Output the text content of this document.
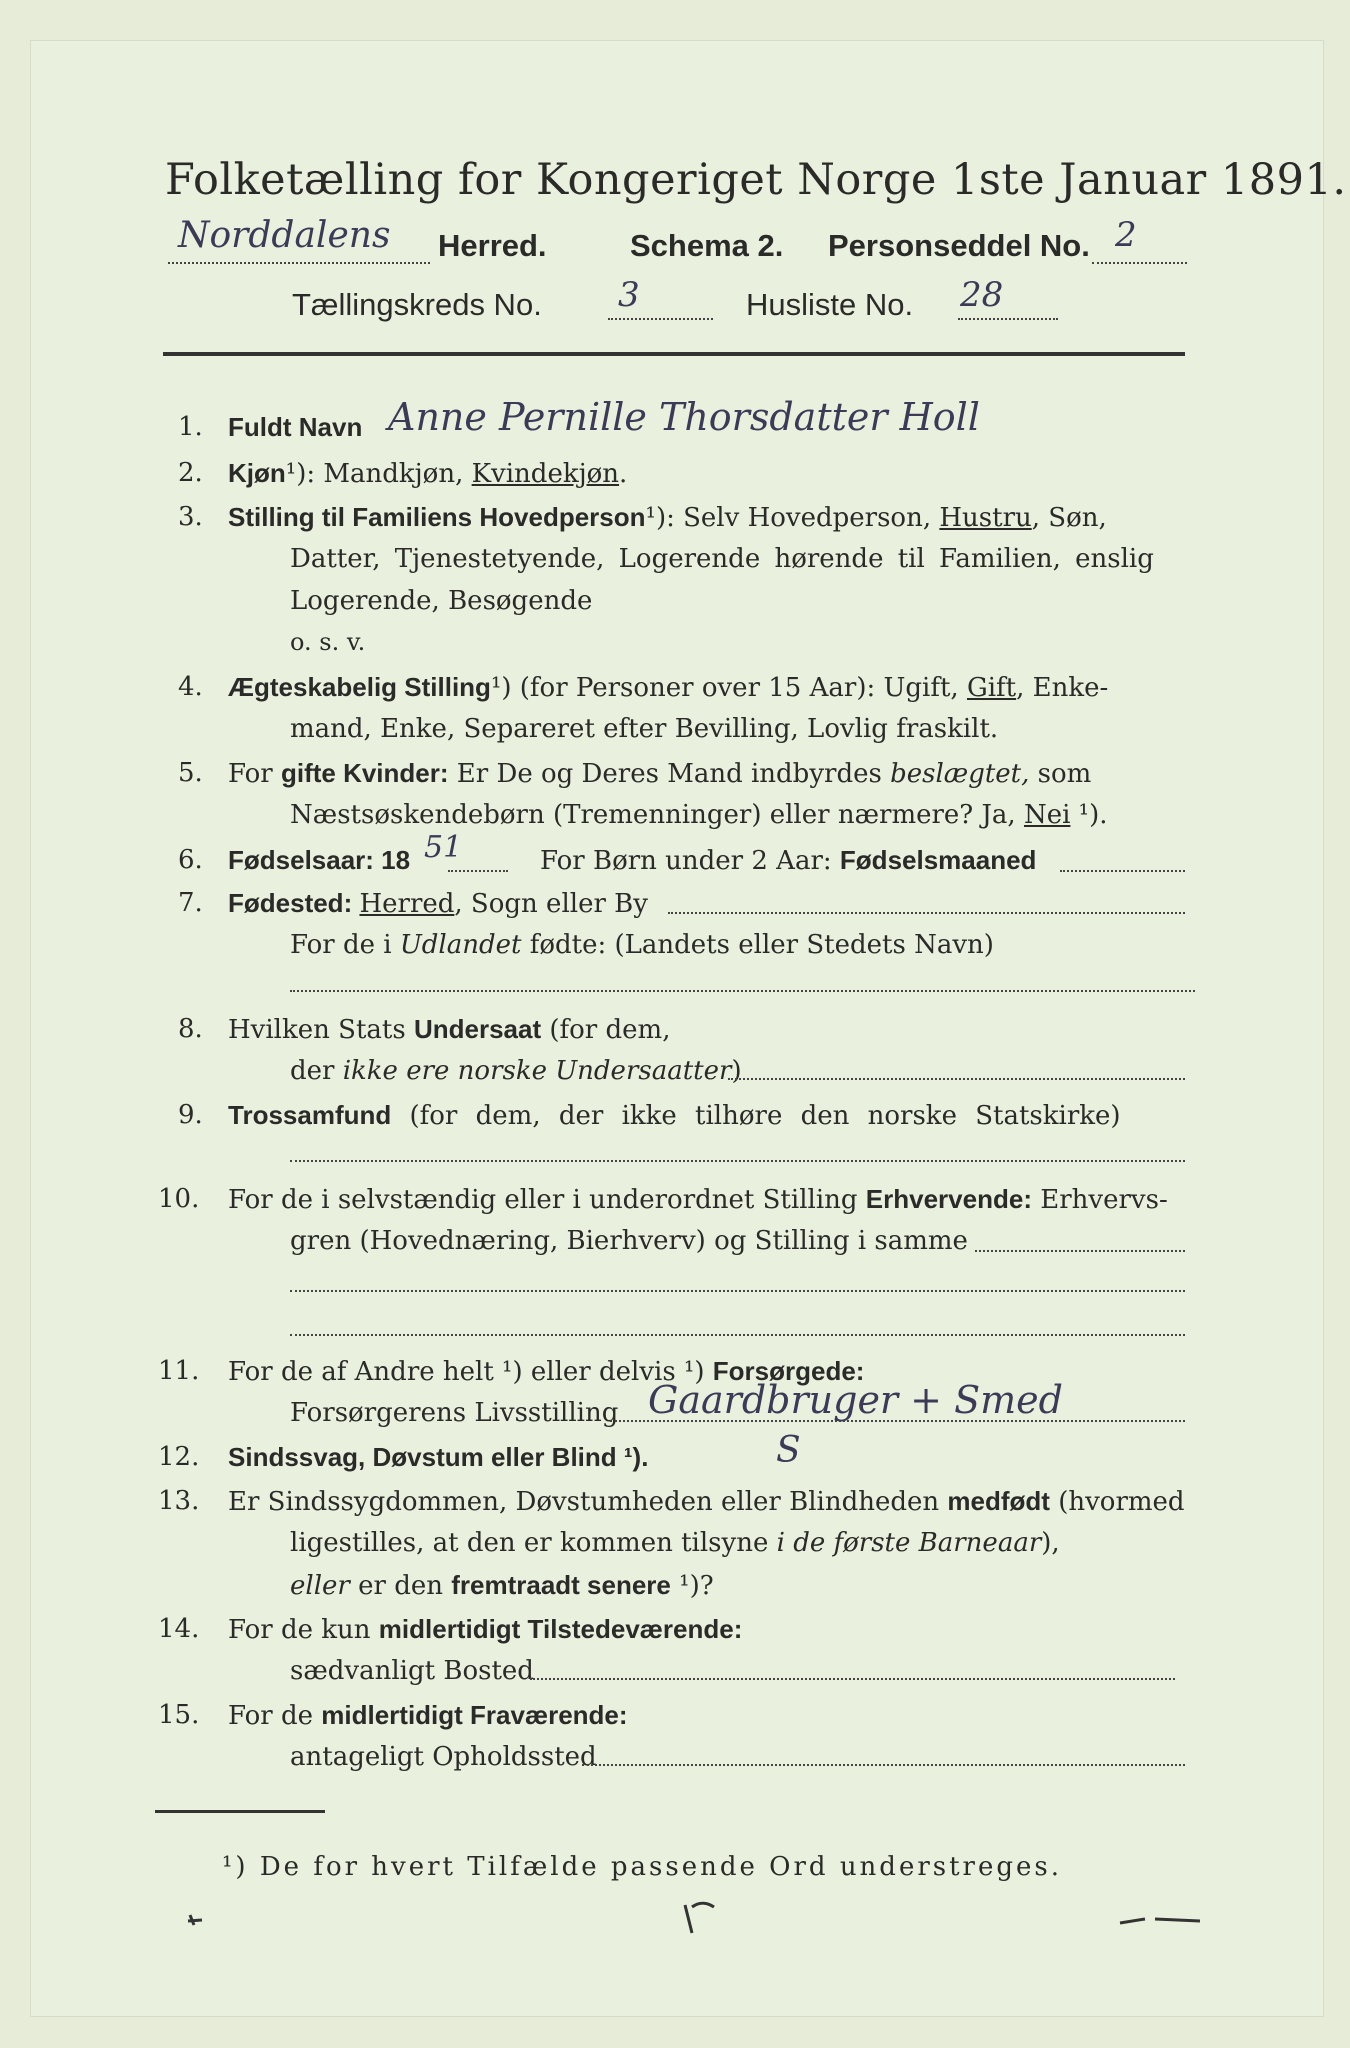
Folketælling for Kongeriget Norge 1ste Januar 1891.
Norddalens Herred.	Schema 2. Personseddel No. 2
Tællingskreds No. 3	Husliste No. 28
1. Fuldt Navn Anne Pernille Thorsdatter Holl
2. Kjøn¹): Mandkjøn, Kvindekjøn.
3. Stilling til Familiens Hovedperson¹): Selv Hovedperson, Hustru, Søn,
Datter, Tjenestetyende, Logerende hørende til Familien, enslig
Logerende, Besøgende
o. s. v.
4. Ægteskabelig Stilling¹) (for Personer over 15 Aar): Ugift, Gift, Enke-
mand, Enke, Separeret efter Bevilling, Lovlig fraskilt.
5. For gifte Kvinder: Er De og Deres Mand indbyrdes beslægtet, som
Næstsøskendebørn (Tremenninger) eller nærmere? Ja, Nei ¹).
6. Fødselsaar: 18 51	For Børn under 2 Aar: Fødselsmaaned
7. Fødested: Herred, Sogn eller By
For de i Udlandet fødte: (Landets eller Stedets Navn)
8. Hvilken Stats Undersaat (for dem,
der ikke ere norske Undersaatter)
9. Trossamfund (for dem, der ikke tilhøre den norske Statskirke)
10. For de i selvstændig eller i underordnet Stilling Erhvervende: Erhvervs-
gren (Hovednæring, Bierhverv) og Stilling i samme
11. For de af Andre helt ¹) eller delvis ¹) Forsørgede:
Forsørgerens Livsstilling Gaardbruger + Smed
12. Sindssvag, Døvstum eller Blind ¹).	S
13. Er Sindssygdommen, Døvstumheden eller Blindheden medfødt (hvormed
ligestilles, at den er kommen tilsyne i de første Barneaar),
eller er den fremtraadt senere ¹)?
14. For de kun midlertidigt Tilstedeværende:
sædvanligt Bosted
15. For de midlertidigt Fraværende:
antageligt Opholdssted
¹) De for hvert Tilfælde passende Ord understreges.
